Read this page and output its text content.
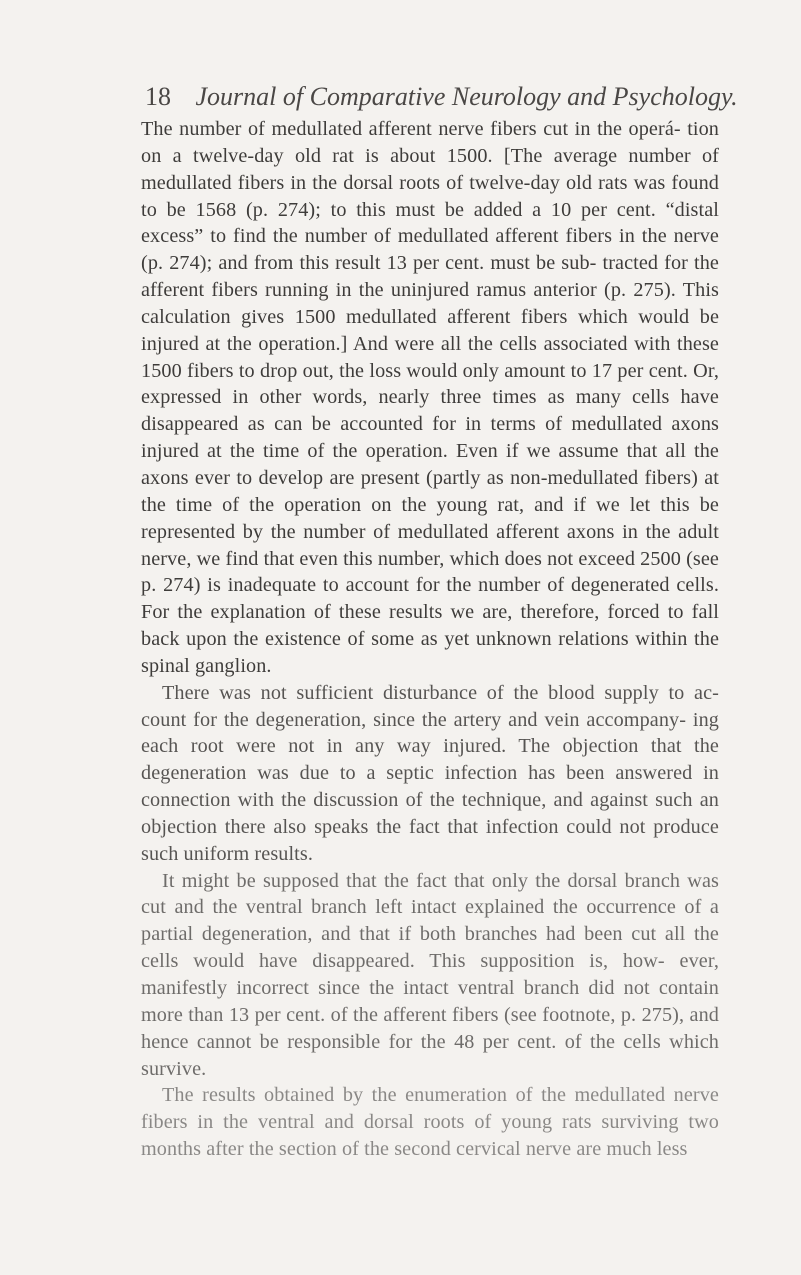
18 Journal of Comparative Neurology and Psychology.

The number of medullated afferent nerve fibers cut in the operá- tion on a twelve-day old rat is about 1500. [The average number of medullated fibers in the dorsal roots of twelve-day old rats was found to be 1568 (p. 274); to this must be added a 10 per cent. “distal excess” to find the number of medullated afferent fibers in the nerve (p. 274); and from this result 13 per cent. must be sub- tracted for the afferent fibers running in the uninjured ramus anterior (p. 275). This calculation gives 1500 medullated afferent fibers which would be injured at the operation.] And were all the cells associated with these 1500 fibers to drop out, the loss would only amount to 17 per cent. Or, expressed in other words, nearly three times as many cells have disappeared as can be accounted for in terms of medullated axons injured at the time of the operation. Even if we assume that all the axons ever to develop are present (partly as non-medullated fibers) at the time of the operation on the young rat, and if we let this be represented by the number of medullated afferent axons in the adult nerve, we find that even this number, which does not exceed 2500 (see p. 274) is inadequate to account for the number of degenerated cells. For the explanation of these results we are, therefore, forced to fall back upon the existence of some as yet unknown relations within the spinal ganglion.

There was not sufficient disturbance of the blood supply to ac- count for the degeneration, since the artery and vein accompany- ing each root were not in any way injured. The objection that the degeneration was due to a septic infection has been answered in connection with the discussion of the technique, and against such an objection there also speaks the fact that infection could not produce such uniform results.

It might be supposed that the fact that only the dorsal branch was cut and the ventral branch left intact explained the occurrence of a partial degeneration, and that if both branches had been cut all the cells would have disappeared. This supposition is, how- ever, manifestly incorrect since the intact ventral branch did not contain more than 13 per cent. of the afferent fibers (see footnote, p. 275), and hence cannot be responsible for the 48 per cent. of the cells which survive.

The results obtained by the enumeration of the medullated nerve fibers in the ventral and dorsal roots of young rats surviving two months after the section of the second cervical nerve are much less
